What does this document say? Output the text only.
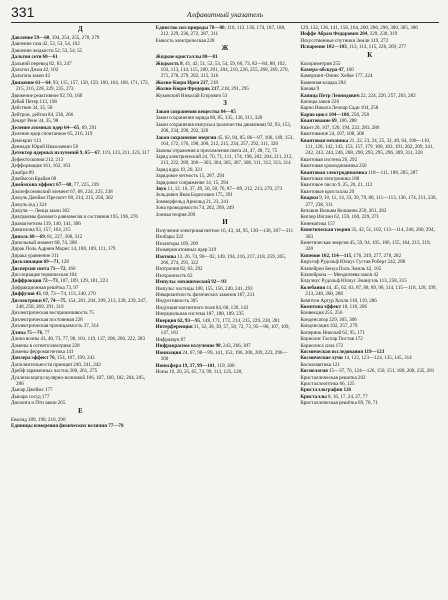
331	Алфавитный указатель
Д
Давление 59—60, 194, 254, 255, 278, 279
Давление газа 42, 52, 53, 54, 102
Давление жидкости 52, 53, 54, 55
Дальтон сети 60—61
Дальний перевод 82, 83, 247
Дальтон Джон 42, 102
Дальтона закон 42
Движение 61—64, 93, 115, 157, 158, 159, 160, 164, 168, 171, 172, 215, 216, 228, 229, 235, 273
Движение реактивное 92, 93, 168
Дебай Петер 113, 198
Действие 34, 35, 58
Дейтрон, дейтон 84, 236, 266
Декарт Рене 34, 35, 98
Деление атомных ядер 64—65, 69, 291
Деление ядер спонтанное 65, 216, 319
Демокрит 113
Деннадж Юрий Николаевич 58
Детектор ядерных излучений 9, 65—67, 119, 123, 211, 223, 317
Дефектоскопия 212, 213
Дефформация 161, 162, 163
Джабра 89
Джеймсон Брайан 68
Джеймсона эффект 67—68, 77, 225, 239
Джозефсоновский элемент 67, 68, 224, 225, 238
Джоуль Джеймс Прескотт 80, 214, 215, 258, 302
Джоуль (ед.) 324
Джоуля — Ленца закон 302
Диаграммы фазового равновесия и состояния 195, 196, 276
Диамагнетизм 139, 140, 141, 306
Дивизиона 93, 157, 164, 215
Диполь 68—69, 81, 227, 308, 312
Дипольный момент 68, 74, 308
Дирак Поль Адриен Морис 14, 108, 109, 111, 179
Дирака уравнение 311
Дисклинация 69—71, 128
Дисперсия света 71—72, 160
Диссоциация термическая 104
Диффракция 72—73, 107, 109, 129, 181, 223
Дифракционная решётка 73, 97
Диффузия 43, 69, 73—74, 113, 240, 270
Диэлектрики 67, 74—75, 154, 201, 204, 209, 213, 228, 239, 247, 248, 258, 269, 291, 319
Диэлектрическая восприимчивость 75
Диэлектрическая постоянная 228
Диэлектрическая проницаемость 37, 314
Длина 75—76, 77
Длина волны 43, 46, 73, 77, 98, 101, 119, 137, 206, 206, 222, 283
Домены в сегнетоэлектрике 228
Домены ферромагнетика 141
Доплера эффект 76, 154, 187, 199, 243
Дополнительности принцип 240, 241, 242
Дрейф заряженных частиц 260, 261, 275
Дуализм корпускулярно-волновой 106, 107, 160, 182, 204, 205, 286
Дьюар Джеймс 177
Дьюара сосуд 177
Дюлонга и Пти закон 265
Е
Евклид 189, 190, 210, 290
Единицы измерения физических величин 77—78
Единство сил природы 78—80, 110, 113, 136, 174, 187, 188, 212, 229, 236, 272, 287, 311
Емкость электрическая 228
Ж
Жидкие кристаллы 80—81
Жидкость 8, 41, 42, 51, 52, 53, 54, 59, 60, 73, 82—84, 88, 102, 103, 113, 114, 115, 200, 201, 204, 210, 226, 255, 268, 269, 270, 271, 278, 279, 282, 315, 316
Жолио-Кюри Ирен 217, 218
Жолио-Кюри Фредерик 217, 218, 291, 295
Жуковский Николай Егорович 53
З
Закон сохранения вещества 84—85
Закон сохранения заряда 80, 85, 135, 136, 311, 320
Закон сохранения импульса (количества движения) 92, 93, 153, 200, 234, 290, 292, 320
Закон сохранения энергии 45, 62, 84, 85, 86—87, 106, 149, 153, 164, 172, 176, 198, 200, 212, 215, 234, 257, 292, 311, 320
Законы отражения и преломления света 24, 47, 48, 72, 75
Заряд электрический 24, 70, 71, 111, 174, 198, 202, 204, 211, 212, 213, 222, 289, 300—303, 304, 305, 307, 308, 311, 312, 313, 314
Заряд ядра 19, 20, 321
Зарядовое четность 15, 287, 294
Зарядовое сопряжение 14, 15, 294
Звук 11, 12, 16, 37, 49, 50, 58, 76, 87—89, 212, 213, 270, 273
Зельдович Яков Борисович 175, 291
Зоммерфельд Арнольд 21, 23, 241
Зона проводимости 74, 202, 209, 249
Зонная теория 209
И
Излучение электромагнитное 16, 43, 44, 95, 130—138, 307—311
Изобары 322
Изоляторы 169, 209
Изомерия атомных ядер 319
Изотопы 13, 26, 74, 90—92, 149, 194, 216, 217, 218, 259, 265, 266, 274, 291, 322
Изотропия 82, 83, 292
Изохронность 62
Импульс механический 92—93
Импульс частицы 108, 155, 156, 240, 241, 293
Инвариантность физических законов 187, 231
Индуктивность 305
Индукция магнитного поля 64, 68, 139, 143
Инерциальная система 187, 188, 189, 235
Инерция 62, 93—95, 148, 171, 172, 214, 215, 229, 230, 281
Интерференция 31, 32, 38, 39, 57, 58, 72, 73, 95—98, 107, 109, 147, 181
Инфразвук 87
Инфракрасное излучение 98, 243, 266, 307
Ионизация 24, 67, 98—99, 141, 152, 196, 200, 209, 223, 296—300
Ионосфера 19, 37, 99—101, 119, 300
Ионы 19, 20, 25, 65, 74, 99, 113, 125, 128,
129, 132, 136, 141, 156, 164, 200, 266, 296, 300, 305, 306
Иоффе Абрам Федорович 204, 229, 230, 319
Искусственные спутники Земли 119, 272
Испарение 102—103, 113, 114, 115, 226, 269, 277
К
Калориметрия 255
Камера-обскура 47, 180
Камерлинг-Оннес Хейке 177, 224
Каменная кладка 284
Канава 9
Капица Петр Леонидович 22, 224, 226, 257, 263, 282
Капицы закон 226
Карно Никола Леонар Сади 104, 258
Карно цикл 104—106, 256, 258
Квантование 69, 106, 288
Квант 20, 107, 120, 194, 222, 283, 286
Квантование 24, 107, 108, 306
Квантовая механика 21, 22, 23, 24, 25, 32, 40, 64, 106—110, 111, 128, 142, 143, 153, 157, 179, 180, 182, 191, 202, 209, 241, 242, 243, 244, 246, 288, 290, 293, 295, 296, 309, 311, 320
Квантовая система 26, 292
Квантовая хромодинамика 250
Квантовая электродинамика 110—111, 188, 205, 287
Квантовая электроника 188
Квантовое число 9, 25, 20, 21, 112
Квантовые кристаллы 20
Кварки 9, 10, 11, 14, 33, 39, 79, 80, 111—113, 136, 174, 211, 230, 277, 238, 311
Кельвин Вильям Кельвина 258, 261, 282
Кеплер Иоганн 62, 159, 160, 229, 271
Кинематика 157
Кинетическая теория 35, 42, 51, 102, 113—114, 246, 280, 294, 303
Кинетическая энергия 45, 59, 94, 105, 106, 155, 164, 213, 319, 320
Кипение 102, 114—115, 176, 249, 277, 278, 282
Кирхгоф Рудольф Юлиус Густав Роберт 242, 288
Клапейрон Бенуа Поль Эмиль 42, 105
Клапейрона — Менделеева закон 42
Клаузиус Рудольф Юлиус Эмануэль 113, 258, 315
Колебания 44, 45, 62, 63, 87, 88, 89, 96, 114, 115—118, 128, 199, 213, 248, 260, 288
Комптон Артур Холли 118, 119, 286
Комптона эффект 18, 118, 286
Конвекция 255, 256
Конденсатор 229, 305, 306
Конденсация 102, 257, 279
Коперник Николай 62, 95, 171
Кориолис Гаспар Гюстав 172
Кориолиса сила 172
Космическая исследования 119—123
Космические лучи 14, 122, 123—124, 135, 145, 314
Космонавтика 121
Космология 15—37, 76, 124—126, 150, 151, 188, 200, 235, 281
Кристаллическая решетка 202
Кристаллооптика 66, 125
Кристаллография 126
Кристаллы 8, 16, 17, 24, 27, 77
Кристаллическая решётка 69, 70, 71
